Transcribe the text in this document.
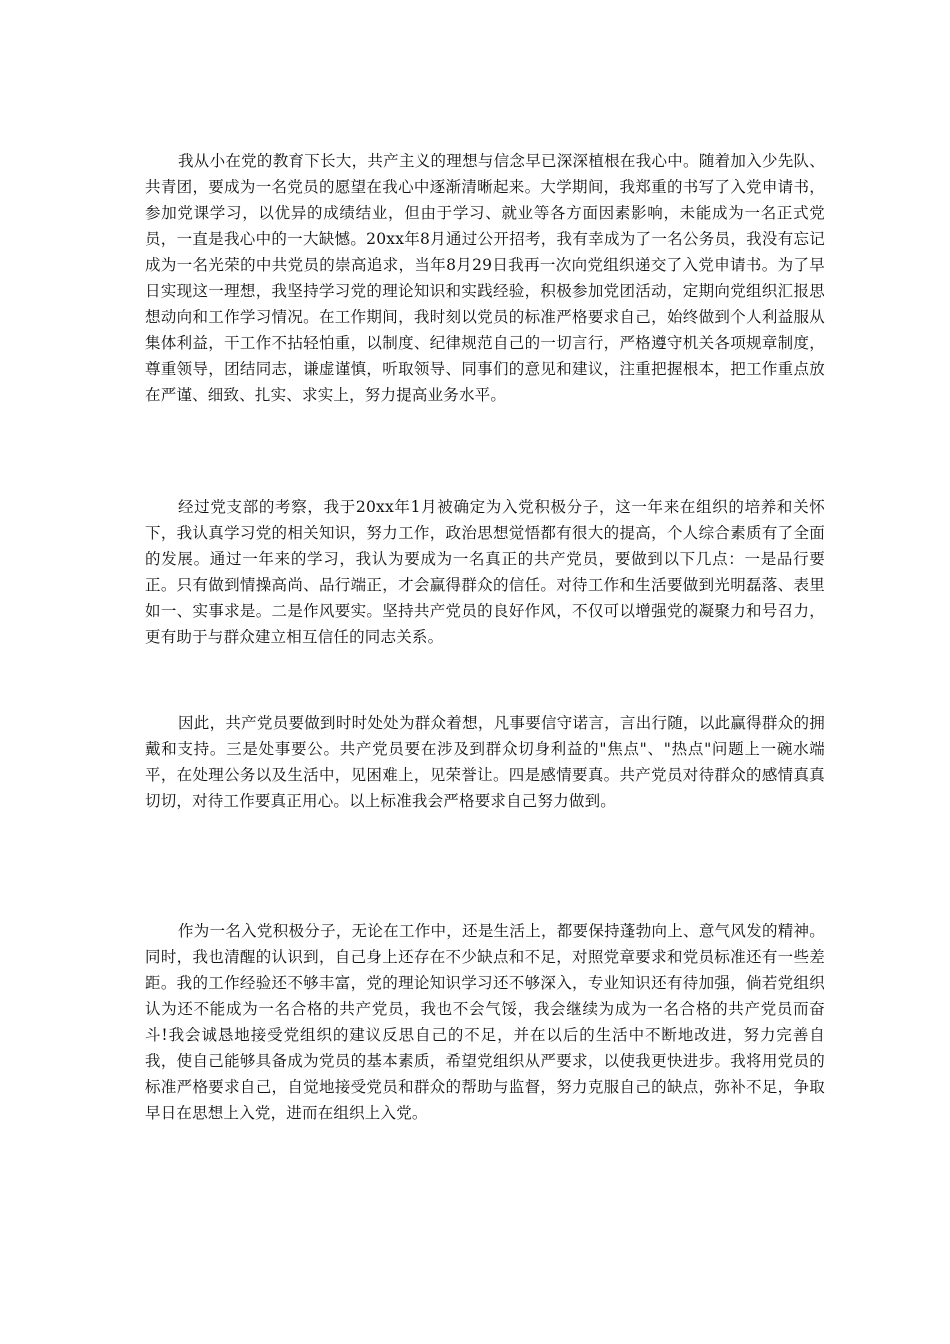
我从小在党的教育下长大，共产主义的理想与信念早已深深植根在我心中。随着加入少先队、共青团，要成为一名党员的愿望在我心中逐渐清晰起来。大学期间，我郑重的书写了入党申请书，参加党课学习，以优异的成绩结业，但由于学习、就业等各方面因素影响，未能成为一名正式党员，一直是我心中的一大缺憾。20xx年8月通过公开招考，我有幸成为了一名公务员，我没有忘记成为一名光荣的中共党员的崇高追求，当年8月29日我再一次向党组织递交了入党申请书。为了早日实现这一理想，我坚持学习党的理论知识和实践经验，积极参加党团活动，定期向党组织汇报思想动向和工作学习情况。在工作期间，我时刻以党员的标准严格要求自己，始终做到个人利益服从集体利益，干工作不拈轻怕重，以制度、纪律规范自己的一切言行，严格遵守机关各项规章制度，尊重领导，团结同志，谦虚谨慎，听取领导、同事们的意见和建议，注重把握根本，把工作重点放在严谨、细致、扎实、求实上，努力提高业务水平。

经过党支部的考察，我于20xx年1月被确定为入党积极分子，这一年来在组织的培养和关怀下，我认真学习党的相关知识，努力工作，政治思想觉悟都有很大的提高，个人综合素质有了全面的发展。通过一年来的学习，我认为要成为一名真正的共产党员，要做到以下几点：一是品行要正。只有做到情操高尚、品行端正，才会赢得群众的信任。对待工作和生活要做到光明磊落、表里如一、实事求是。二是作风要实。坚持共产党员的良好作风，不仅可以增强党的凝聚力和号召力，更有助于与群众建立相互信任的同志关系。

因此，共产党员要做到时时处处为群众着想，凡事要信守诺言，言出行随，以此赢得群众的拥戴和支持。三是处事要公。共产党员要在涉及到群众切身利益的"焦点"、"热点"问题上一碗水端平，在处理公务以及生活中，见困难上，见荣誉让。四是感情要真。共产党员对待群众的感情真真切切，对待工作要真正用心。以上标准我会严格要求自己努力做到。

作为一名入党积极分子，无论在工作中，还是生活上，都要保持蓬勃向上、意气风发的精神。同时，我也清醒的认识到，自己身上还存在不少缺点和不足，对照党章要求和党员标准还有一些差距。我的工作经验还不够丰富，党的理论知识学习还不够深入，专业知识还有待加强，倘若党组织认为还不能成为一名合格的共产党员，我也不会气馁，我会继续为成为一名合格的共产党员而奋斗!我会诚恳地接受党组织的建议反思自己的不足，并在以后的生活中不断地改进，努力完善自我，使自己能够具备成为党员的基本素质，希望党组织从严要求，以使我更快进步。我将用党员的标准严格要求自己，自觉地接受党员和群众的帮助与监督，努力克服自己的缺点，弥补不足，争取早日在思想上入党，进而在组织上入党。
